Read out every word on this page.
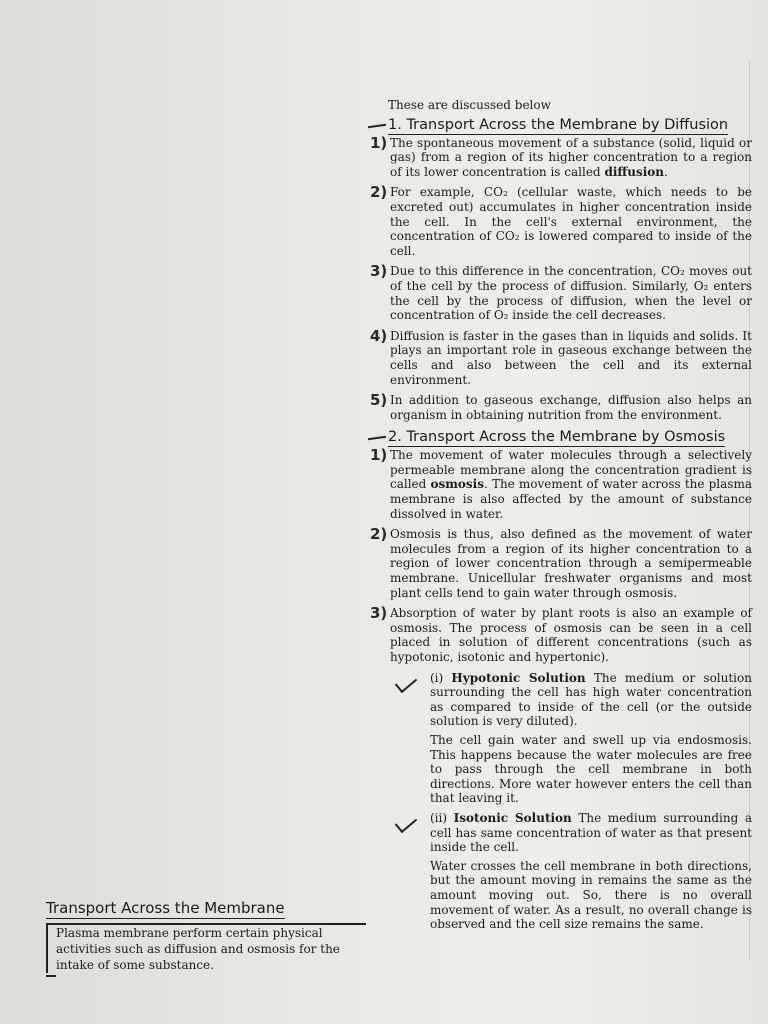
These are discussed below
1. Transport Across the Membrane by Diffusion
1) The spontaneous movement of a substance (solid, liquid or gas) from a region of its higher concentration to a region of its lower concentration is called diffusion.
2) For example, CO₂ (cellular waste, which needs to be excreted out) accumulates in higher concentration inside the cell. In the cell's external environment, the concentration of CO₂ is lowered compared to inside of the cell.
3) Due to this difference in the concentration, CO₂ moves out of the cell by the process of diffusion. Similarly, O₂ enters the cell by the process of diffusion, when the level or concentration of O₂ inside the cell decreases.
4) Diffusion is faster in the gases than in liquids and solids. It plays an important role in gaseous exchange between the cells and also between the cell and its external environment.
5) In addition to gaseous exchange, diffusion also helps an organism in obtaining nutrition from the environment.
2. Transport Across the Membrane by Osmosis
1) The movement of water molecules through a selectively permeable membrane along the concentration gradient is called osmosis. The movement of water across the plasma membrane is also affected by the amount of substance dissolved in water.
2) Osmosis is thus, also defined as the movement of water molecules from a region of its higher concentration to a region of lower concentration through a semipermeable membrane. Unicellular freshwater organisms and most plant cells tend to gain water through osmosis.
3) Absorption of water by plant roots is also an example of osmosis. The process of osmosis can be seen in a cell placed in solution of different concentrations (such as hypotonic, isotonic and hypertonic).
(i) Hypotonic Solution The medium or solution surrounding the cell has high water concentration as compared to inside of the cell (or the outside solution is very diluted).
The cell gain water and swell up via endosmosis. This happens because the water molecules are free to pass through the cell membrane in both directions. More water however enters the cell than that leaving it.
(ii) Isotonic Solution The medium surrounding a cell has same concentration of water as that present inside the cell.
Water crosses the cell membrane in both directions, but the amount moving in remains the same as the amount moving out. So, there is no overall movement of water. As a result, no overall change is observed and the cell size remains the same.
Transport Across the Membrane
Plasma membrane perform certain physical activities such as diffusion and osmosis for the intake of some substance.
